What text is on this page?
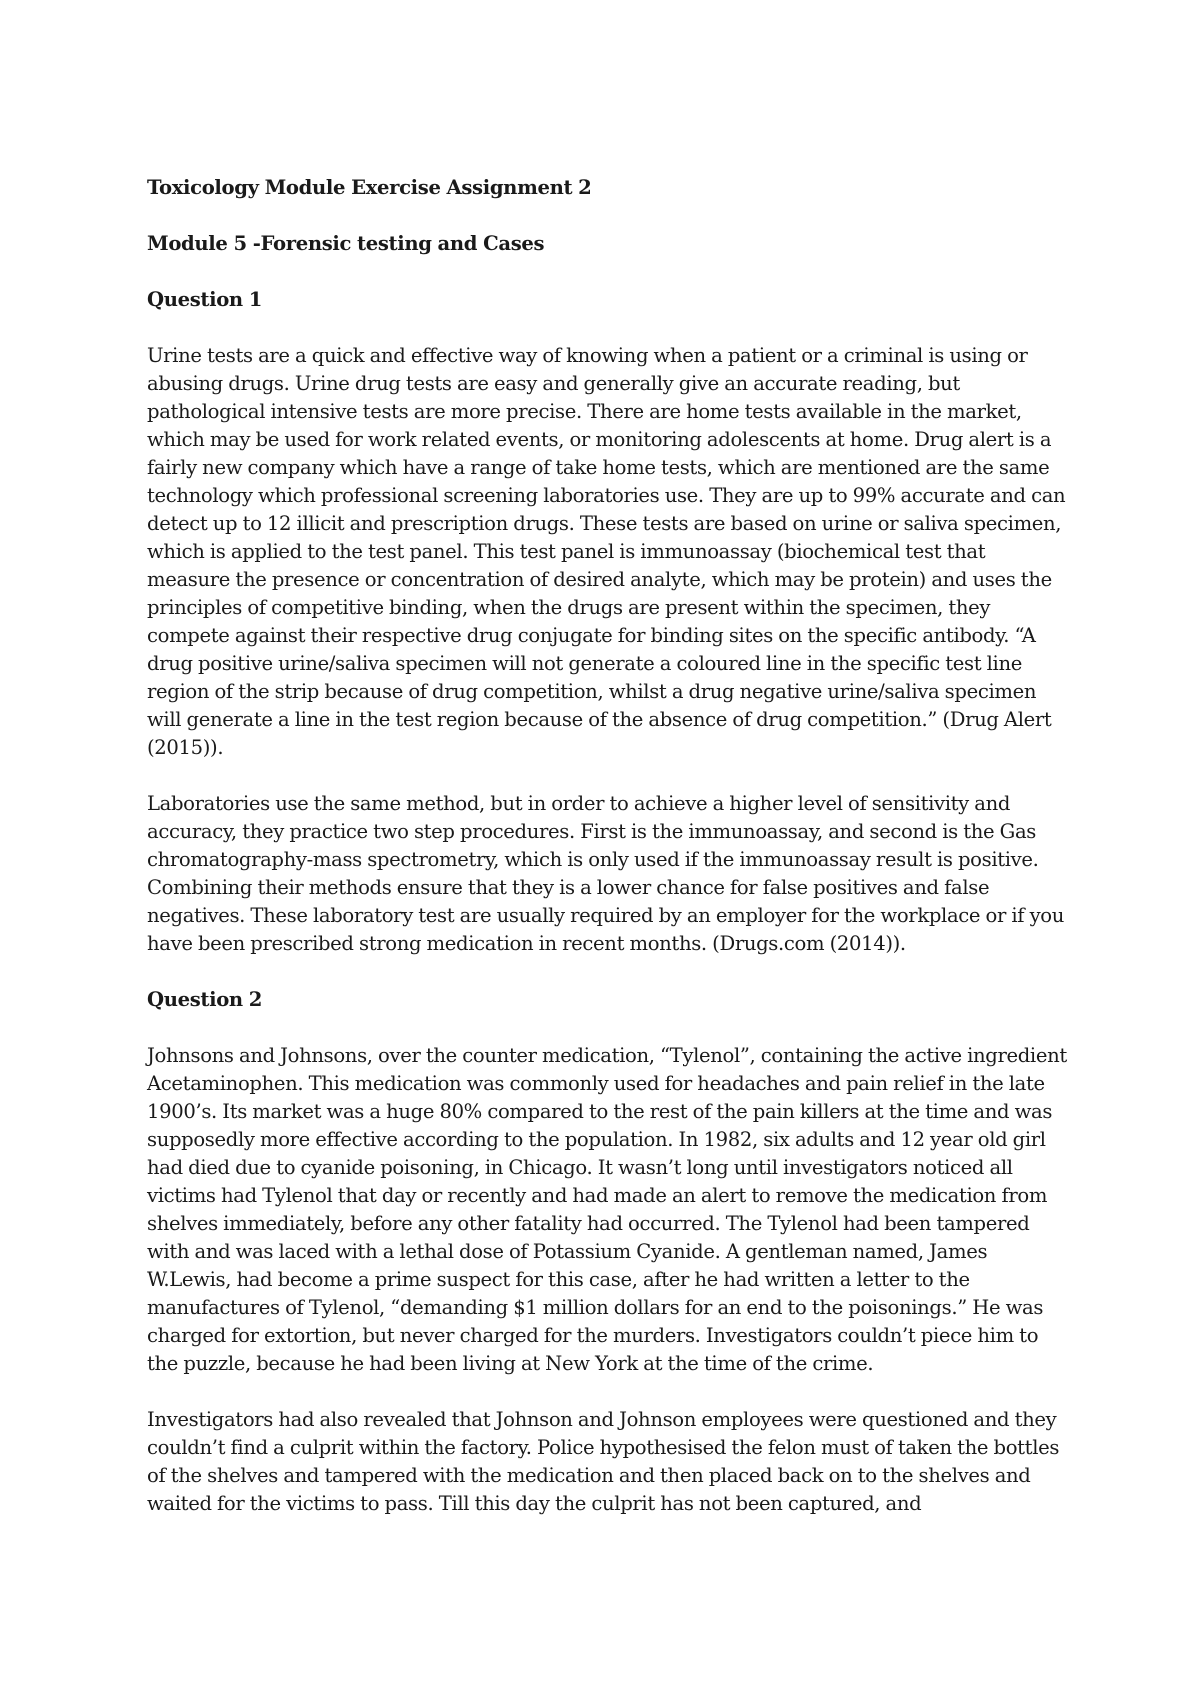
Toxicology Module Exercise Assignment 2
Module 5 -Forensic testing and Cases
Question 1

Urine tests are a quick and effective way of knowing when a patient or a criminal is using or abusing drugs. Urine drug tests are easy and generally give an accurate reading, but pathological intensive tests are more precise. There are home tests available in the market, which may be used for work related events, or monitoring adolescents at home. Drug alert is a fairly new company which have a range of take home tests, which are mentioned are the same technology which professional screening laboratories use. They are up to 99% accurate and can detect up to 12 illicit and prescription drugs. These tests are based on urine or saliva specimen, which is applied to the test panel. This test panel is immunoassay (biochemical test that measure the presence or concentration of desired analyte, which may be protein) and uses the principles of competitive binding, when the drugs are present within the specimen, they compete against their respective drug conjugate for binding sites on the specific antibody. “A drug positive urine/saliva specimen will not generate a coloured line in the specific test line region of the strip because of drug competition, whilst a drug negative urine/saliva specimen will generate a line in the test region because of the absence of drug competition.” (Drug Alert (2015)).

Laboratories use the same method, but in order to achieve a higher level of sensitivity and accuracy, they practice two step procedures. First is the immunoassay, and second is the Gas chromatography-mass spectrometry, which is only used if the immunoassay result is positive. Combining their methods ensure that they is a lower chance for false positives and false negatives. These laboratory test are usually required by an employer for the workplace or if you have been prescribed strong medication in recent months. (Drugs.com (2014)).

Question 2

Johnsons and Johnsons, over the counter medication, “Tylenol”, containing the active ingredient Acetaminophen. This medication was commonly used for headaches and pain relief in the late 1900’s. Its market was a huge 80% compared to the rest of the pain killers at the time and was supposedly more effective according to the population. In 1982, six adults and 12 year old girl had died due to cyanide poisoning, in Chicago. It wasn’t long until investigators noticed all victims had Tylenol that day or recently and had made an alert to remove the medication from shelves immediately, before any other fatality had occurred. The Tylenol had been tampered with and was laced with a lethal dose of Potassium Cyanide. A gentleman named, James W.Lewis, had become a prime suspect for this case, after he had written a letter to the manufactures of Tylenol, “demanding $1 million dollars for an end to the poisonings.” He was charged for extortion, but never charged for the murders. Investigators couldn’t piece him to the puzzle, because he had been living at New York at the time of the crime.

Investigators had also revealed that Johnson and Johnson employees were questioned and they couldn’t find a culprit within the factory. Police hypothesised the felon must of taken the bottles of the shelves and tampered with the medication and then placed back on to the shelves and waited for the victims to pass. Till this day the culprit has not been captured, and
